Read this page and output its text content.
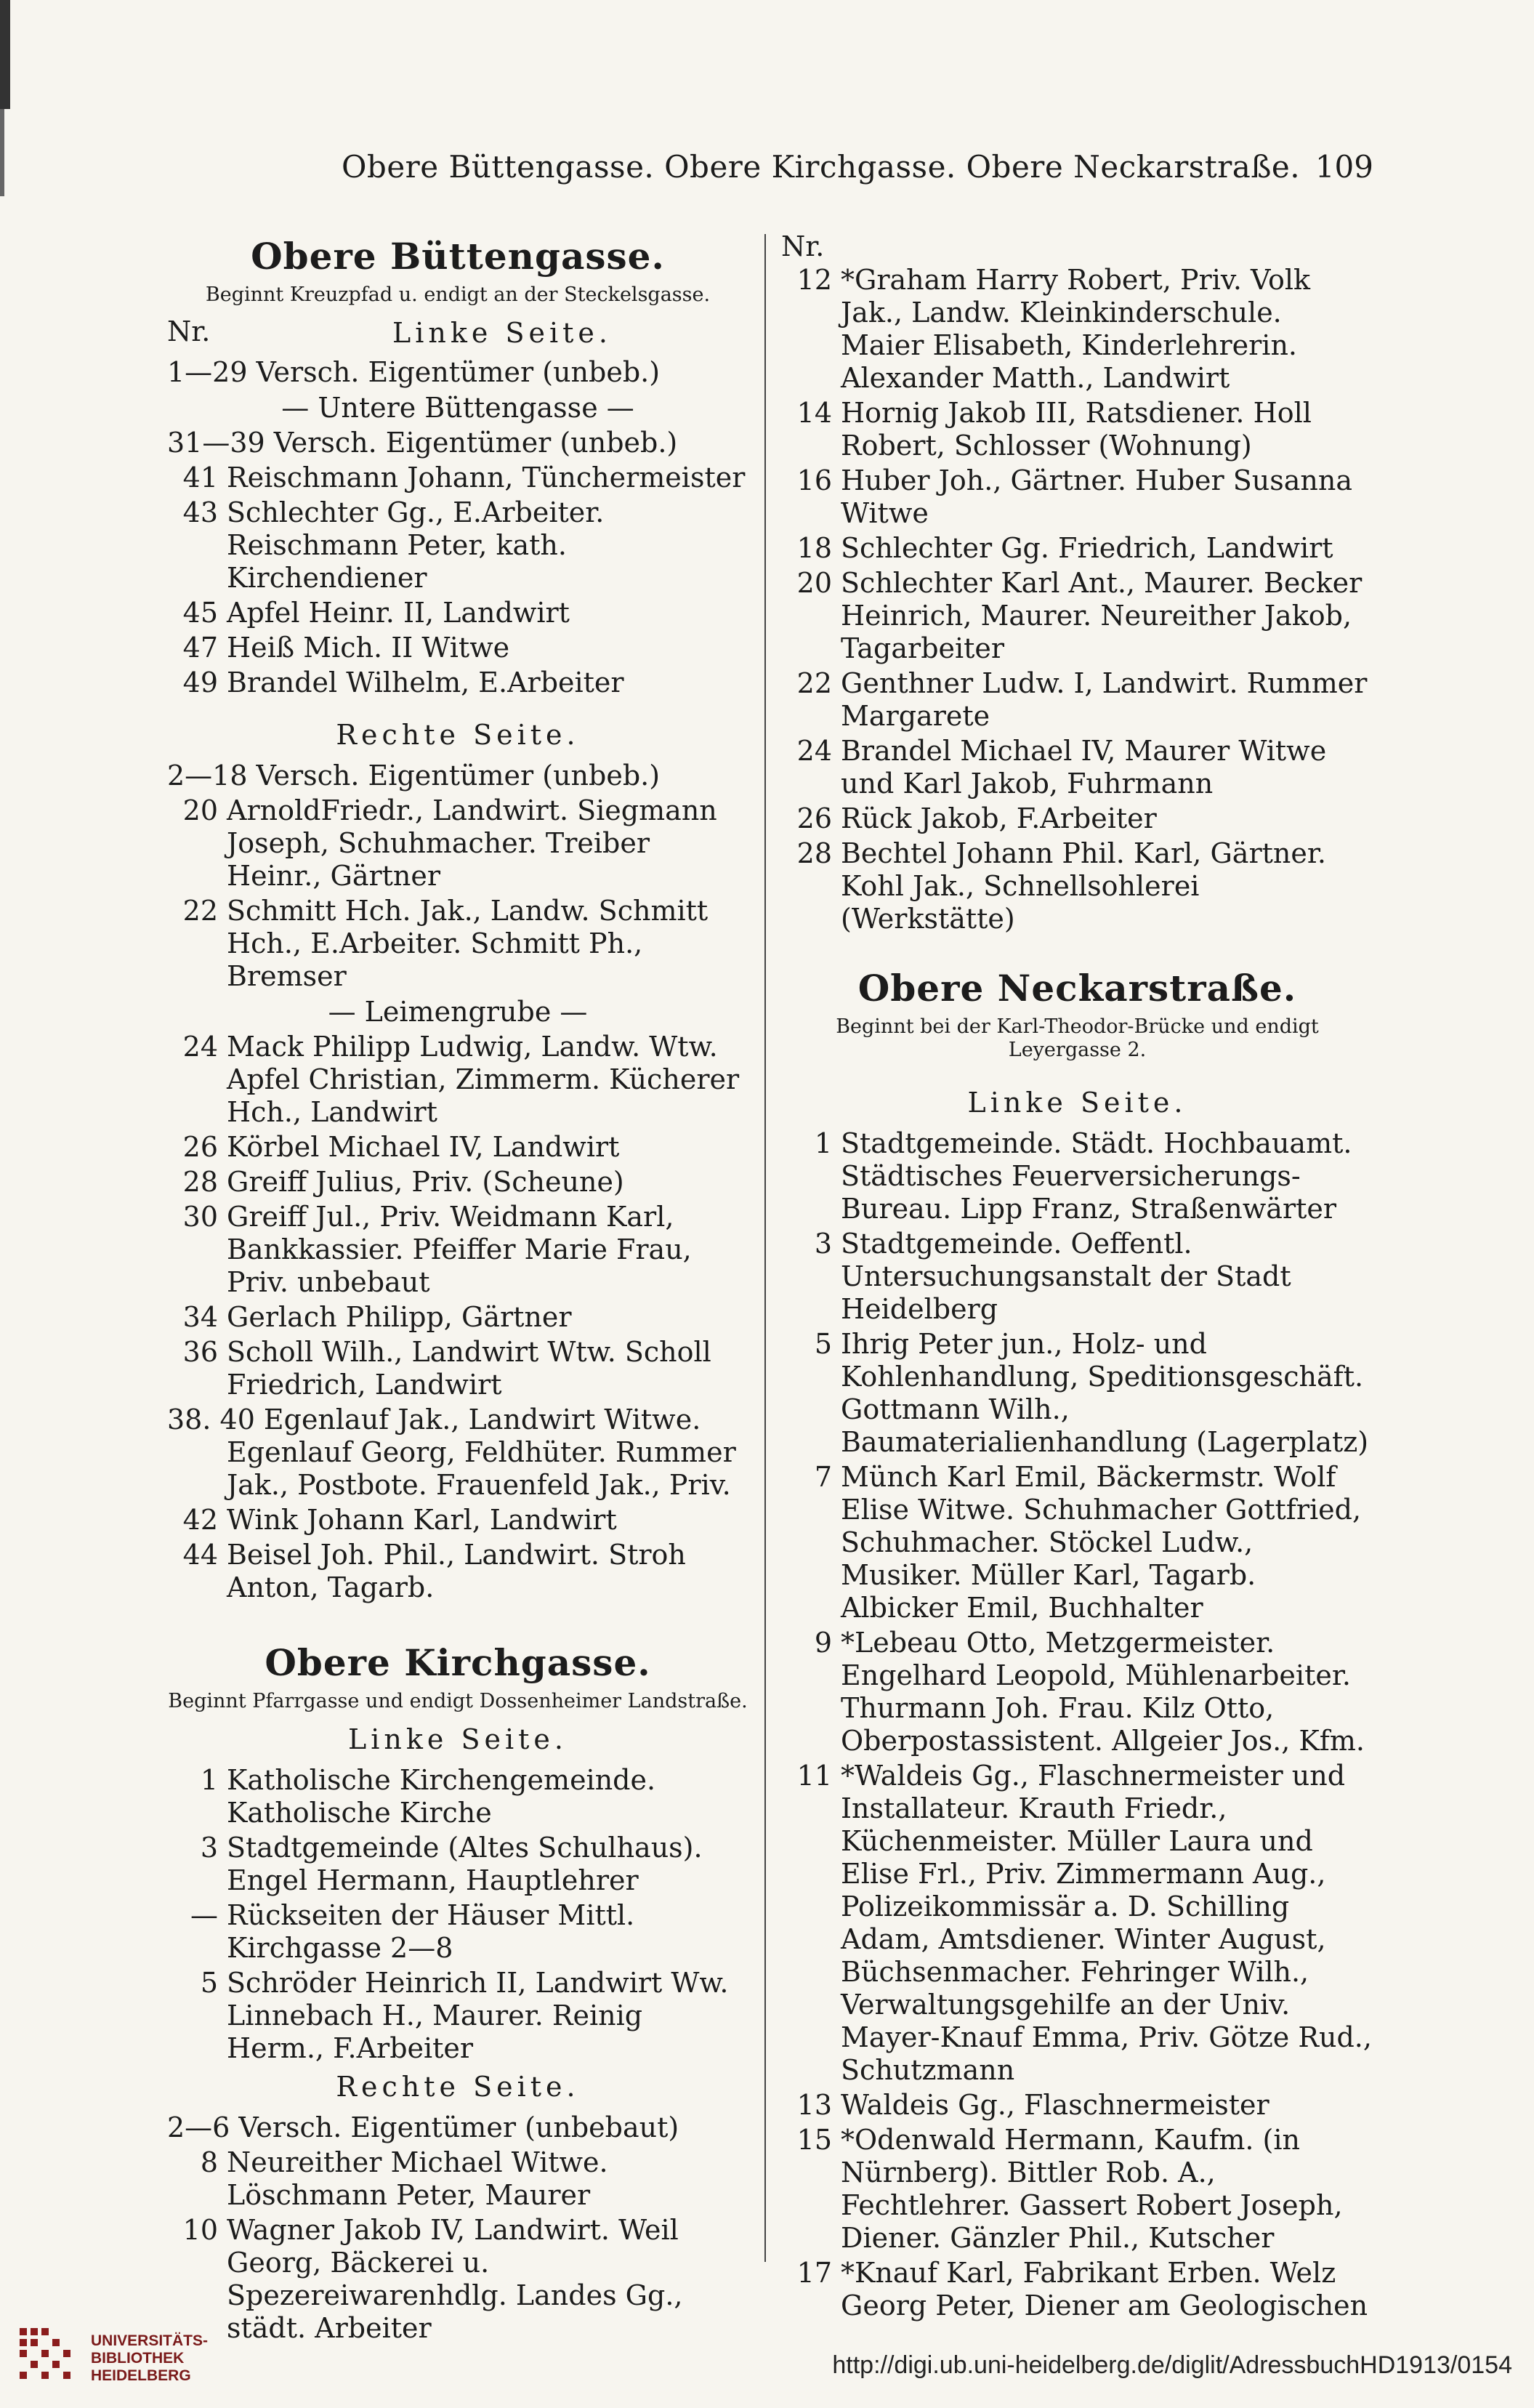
Obere Büttengasse. Obere Kirchgasse. Obere Neckarstraße. 109
Obere Büttengasse.
Beginnt Kreuzpfad u. endigt an der Steckelsgasse.
Nr.	Linke Seite.
1—29 Versch. Eigentümer (unbeb.)
— Untere Büttengasse —
31—39 Versch. Eigentümer (unbeb.)
41 Reischmann Johann, Tünchermeister
43 Schlechter Gg., E.Arbeiter. Reischmann Peter, kath. Kirchendiener
45 Apfel Heinr. II, Landwirt
47 Heiß Mich. II Witwe
49 Brandel Wilhelm, E.Arbeiter
Rechte Seite.
2—18 Versch. Eigentümer (unbeb.)
20 ArnoldFriedr., Landwirt. Siegmann Joseph, Schuhmacher. Treiber Heinr., Gärtner
22 Schmitt Hch. Jak., Landw. Schmitt Hch., E.Arbeiter. Schmitt Ph., Bremser
— Leimengrube —
24 Mack Philipp Ludwig, Landw. Wtw. Apfel Christian, Zimmerm. Kücherer Hch., Landwirt
26 Körbel Michael IV, Landwirt
28 Greiff Julius, Priv. (Scheune)
30 Greiff Jul., Priv. Weidmann Karl, Bankkassier. Pfeiffer Marie Frau, Priv. unbebaut
34 Gerlach Philipp, Gärtner
36 Scholl Wilh., Landwirt Wtw. Scholl Friedrich, Landwirt
38. 40 Egenlauf Jak., Landwirt Witwe. Egenlauf Georg, Feldhüter. Rummer Jak., Postbote. Frauenfeld Jak., Priv.
42 Wink Johann Karl, Landwirt
44 Beisel Joh. Phil., Landwirt. Stroh Anton, Tagarb.
Obere Kirchgasse.
Beginnt Pfarrgasse und endigt Dossenheimer Landstraße.
Linke Seite.
1 Katholische Kirchengemeinde. Katholische Kirche
3 Stadtgemeinde (Altes Schulhaus). Engel Hermann, Hauptlehrer
— Rückseiten der Häuser Mittl. Kirchgasse 2—8
5 Schröder Heinrich II, Landwirt Ww. Linnebach H., Maurer. Reinig Herm., F.Arbeiter
Rechte Seite.
2—6 Versch. Eigentümer (unbebaut)
8 Neureither Michael Witwe. Löschmann Peter, Maurer
10 Wagner Jakob IV, Landwirt. Weil Georg, Bäckerei u. Spezereiwarenhdlg. Landes Gg., städt. Arbeiter
Nr.
12 *Graham Harry Robert, Priv. Volk Jak., Landw. Kleinkinderschule. Maier Elisabeth, Kinderlehrerin. Alexander Matth., Landwirt
14 Hornig Jakob III, Ratsdiener. Holl Robert, Schlosser (Wohnung)
16 Huber Joh., Gärtner. Huber Susanna Witwe
18 Schlechter Gg. Friedrich, Landwirt
20 Schlechter Karl Ant., Maurer. Becker Heinrich, Maurer. Neureither Jakob, Tagarbeiter
22 Genthner Ludw. I, Landwirt. Rummer Margarete
24 Brandel Michael IV, Maurer Witwe und Karl Jakob, Fuhrmann
26 Rück Jakob, F.Arbeiter
28 Bechtel Johann Phil. Karl, Gärtner. Kohl Jak., Schnellsohlerei (Werkstätte)
Obere Neckarstraße.
Beginnt bei der Karl-Theodor-Brücke und endigt Leyergasse 2.
Linke Seite.
1 Stadtgemeinde. Städt. Hochbauamt. Städtisches Feuerversicherungs-Bureau. Lipp Franz, Straßenwärter
3 Stadtgemeinde. Oeffentl. Untersuchungsanstalt der Stadt Heidelberg
5 Ihrig Peter jun., Holz- und Kohlenhandlung, Speditionsgeschäft. Gottmann Wilh., Baumaterialienhandlung (Lagerplatz)
7 Münch Karl Emil, Bäckermstr. Wolf Elise Witwe. Schuhmacher Gottfried, Schuhmacher. Stöckel Ludw., Musiker. Müller Karl, Tagarb. Albicker Emil, Buchhalter
9 *Lebeau Otto, Metzgermeister. Engelhard Leopold, Mühlenarbeiter. Thurmann Joh. Frau. Kilz Otto, Oberpostassistent. Allgeier Jos., Kfm.
11 *Waldeis Gg., Flaschnermeister und Installateur. Krauth Friedr., Küchenmeister. Müller Laura und Elise Frl., Priv. Zimmermann Aug., Polizeikommissär a. D. Schilling Adam, Amtsdiener. Winter August, Büchsenmacher. Fehringer Wilh., Verwaltungsgehilfe an der Univ. Mayer-Knauf Emma, Priv. Götze Rud., Schutzmann
13 Waldeis Gg., Flaschnermeister
15 *Odenwald Hermann, Kaufm. (in Nürnberg). Bittler Rob. A., Fechtlehrer. Gassert Robert Joseph, Diener. Gänzler Phil., Kutscher
17 *Knauf Karl, Fabrikant Erben. Welz Georg Peter, Diener am Geologischen
UNIVERSITÄTS-
BIBLIOTHEK
HEIDELBERG	http://digi.ub.uni-heidelberg.de/diglit/AdressbuchHD1913/0154
